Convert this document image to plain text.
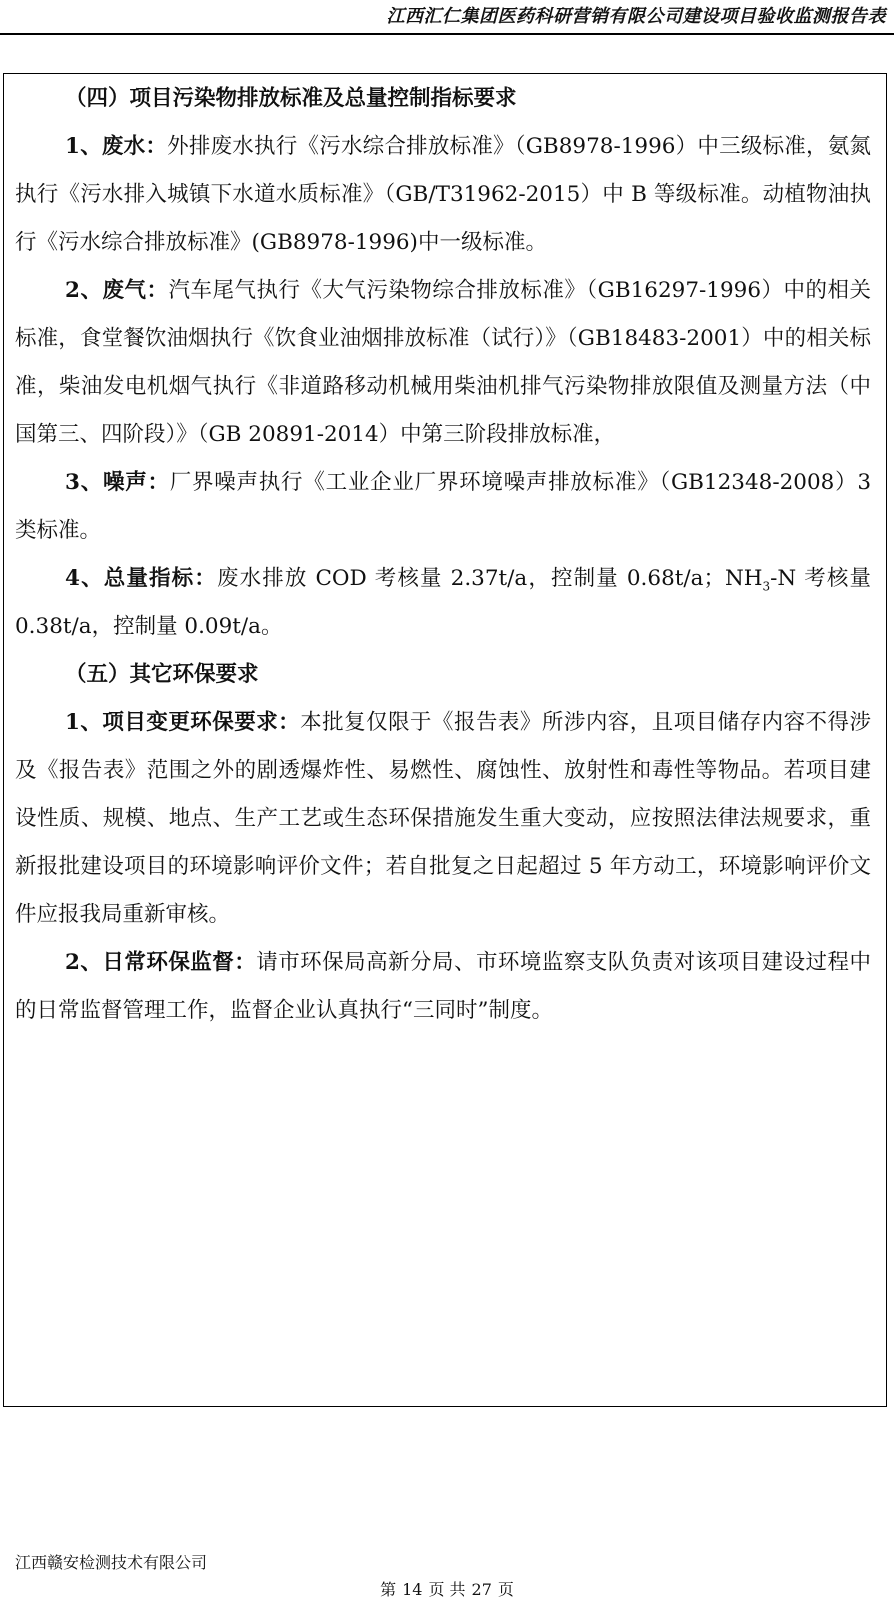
江西汇仁集团医药科研营销有限公司建设项目验收监测报告表
（四）项目污染物排放标准及总量控制指标要求
1、废水：外排废水执行《污水综合排放标准》（GB8978-1996）中三级标准，氨氮执行《污水排入城镇下水道水质标准》（GB/T31962-2015）中 B 等级标准。动植物油执行《污水综合排放标准》(GB8978-1996)中一级标准。
2、废气：汽车尾气执行《大气污染物综合排放标准》（GB16297-1996）中的相关标准，食堂餐饮油烟执行《饮食业油烟排放标准（试行）》（GB18483-2001）中的相关标准，柴油发电机烟气执行《非道路移动机械用柴油机排气污染物排放限值及测量方法（中国第三、四阶段）》（GB 20891-2014）中第三阶段排放标准，
3、噪声：厂界噪声执行《工业企业厂界环境噪声排放标准》（GB12348-2008）3 类标准。
4、总量指标：废水排放 COD 考核量 2.37t/a，控制量 0.68t/a；$NH_3-N$ 考核量 0.38t/a，控制量 0.09t/a。
（五）其它环保要求
1、项目变更环保要求：本批复仅限于《报告表》所涉内容，且项目储存内容不得涉及《报告表》范围之外的剧透爆炸性、易燃性、腐蚀性、放射性和毒性等物品。若项目建设性质、规模、地点、生产工艺或生态环保措施发生重大变动，应按照法律法规要求，重新报批建设项目的环境影响评价文件；若自批复之日起超过 5 年方动工，环境影响评价文件应报我局重新审核。
2、日常环保监督：请市环保局高新分局、市环境监察支队负责对该项目建设过程中的日常监督管理工作，监督企业认真执行“三同时”制度。
江西赣安检测技术有限公司
第 14 页 共 27 页
